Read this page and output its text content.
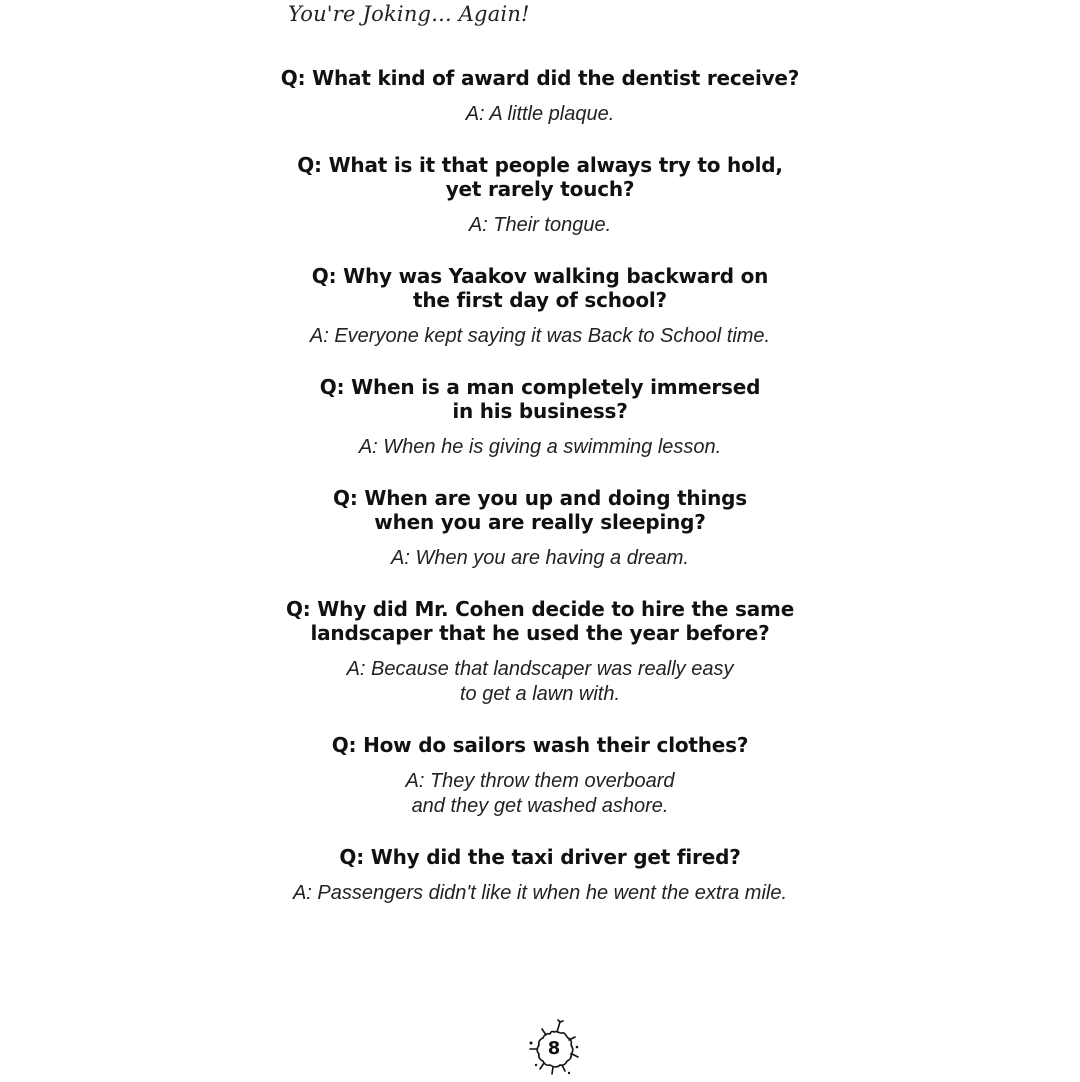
You're Joking... Again!

Q: What kind of award did the dentist receive?

A: A little plaque.

Q: What is it that people always try to hold,
yet rarely touch?

A: Their tongue.

Q: Why was Yaakov walking backward on
the first day of school?

A: Everyone kept saying it was Back to School time.

Q: When is a man completely immersed
in his business?

A: When he is giving a swimming lesson.

Q: When are you up and doing things
when you are really sleeping?

A: When you are having a dream.

Q: Why did Mr. Cohen decide to hire the same
landscaper that he used the year before?

A: Because that landscaper was really easy
to get a lawn with.

Q: How do sailors wash their clothes?

A: They throw them overboard
and they get washed ashore.

Q: Why did the taxi driver get fired?

A: Passengers didn't like it when he went the extra mile.

8
